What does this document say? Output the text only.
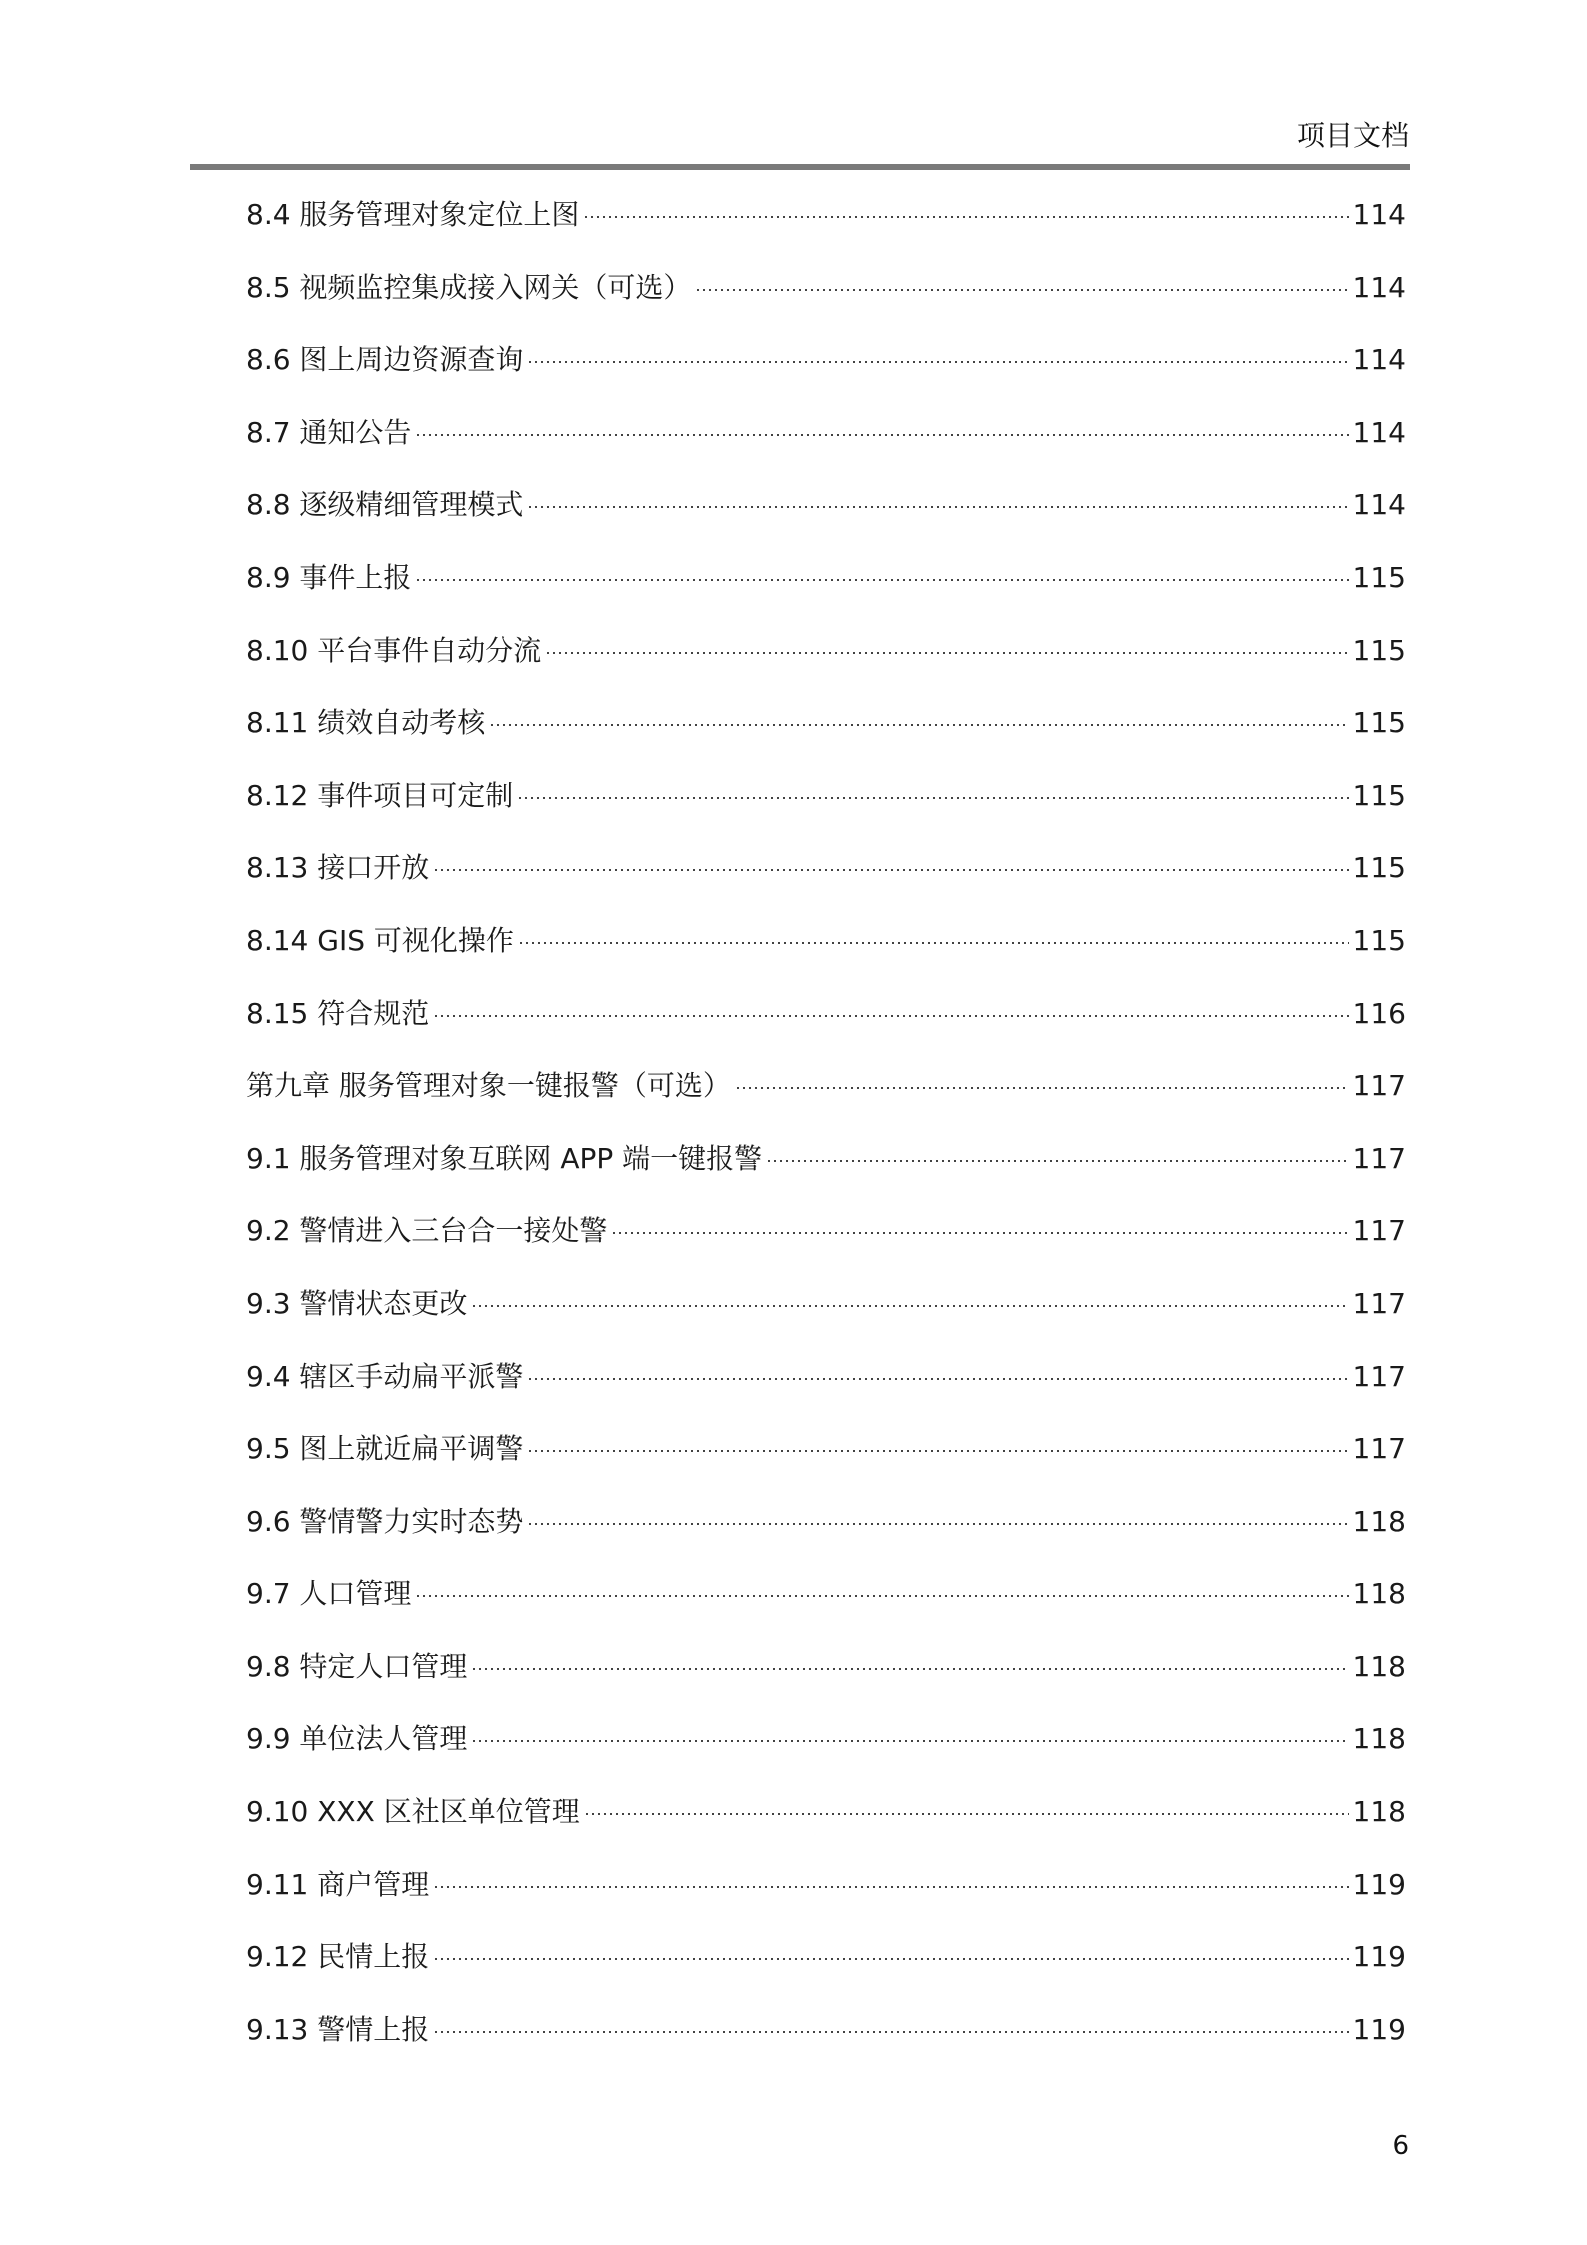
项目文档
8.4 服务管理对象定位上图	114
8.5 视频监控集成接入网关（可选）	114
8.6 图上周边资源查询	114
8.7 通知公告	114
8.8 逐级精细管理模式	114
8.9 事件上报	115
8.10 平台事件自动分流	115
8.11 绩效自动考核	115
8.12 事件项目可定制	115
8.13 接口开放	115
8.14 GIS 可视化操作	115
8.15 符合规范	116
第九章 服务管理对象一键报警（可选）	117
9.1 服务管理对象互联网 APP 端一键报警	117
9.2 警情进入三台合一接处警	117
9.3 警情状态更改	117
9.4 辖区手动扁平派警	117
9.5 图上就近扁平调警	117
9.6 警情警力实时态势	118
9.7 人口管理	118
9.8 特定人口管理	118
9.9 单位法人管理	118
9.10 XXX 区社区单位管理	118
9.11 商户管理	119
9.12 民情上报	119
9.13 警情上报	119
6
